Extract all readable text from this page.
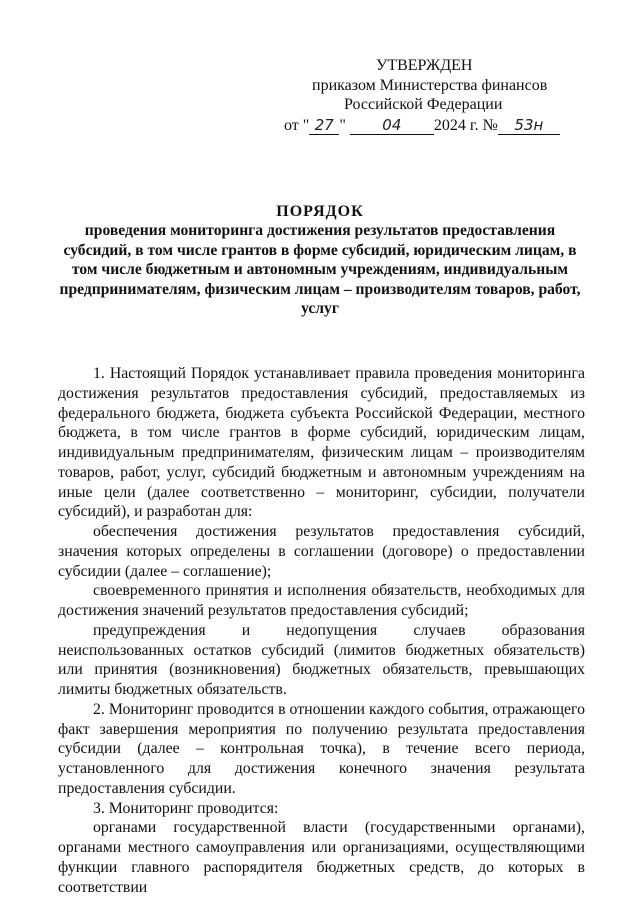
УТВЕРЖДЕН
приказом Министерства финансов
Российской Федерации
от " 27 " 04 2024 г. № 53н
ПОРЯДОК
проведения мониторинга достижения результатов предоставления субсидий, в том числе грантов в форме субсидий, юридическим лицам, в том числе бюджетным и автономным учреждениям, индивидуальным предпринимателям, физическим лицам – производителям товаров, работ, услуг

1. Настоящий Порядок устанавливает правила проведения мониторинга достижения результатов предоставления субсидий, предоставляемых из федерального бюджета, бюджета субъекта Российской Федерации, местного бюджета, в том числе грантов в форме субсидий, юридическим лицам, индивидуальным предпринимателям, физическим лицам – производителям товаров, работ, услуг, субсидий бюджетным и автономным учреждениям на иные цели (далее соответственно – мониторинг, субсидии, получатели субсидий), и разработан для:

обеспечения достижения результатов предоставления субсидий, значения которых определены в соглашении (договоре) о предоставлении субсидии (далее – соглашение);

своевременного принятия и исполнения обязательств, необходимых для достижения значений результатов предоставления субсидий;

предупреждения и недопущения случаев образования неиспользованных остатков субсидий (лимитов бюджетных обязательств) или принятия (возникновения) бюджетных обязательств, превышающих лимиты бюджетных обязательств.

2. Мониторинг проводится в отношении каждого события, отражающего факт завершения мероприятия по получению результата предоставления субсидии (далее – контрольная точка), в течение всего периода, установленного для достижения конечного значения результата предоставления субсидии.

3. Мониторинг проводится:

органами государственной власти (государственными органами), органами местного самоуправления или организациями, осуществляющими функции главного распорядителя бюджетных средств, до которых в соответствии
